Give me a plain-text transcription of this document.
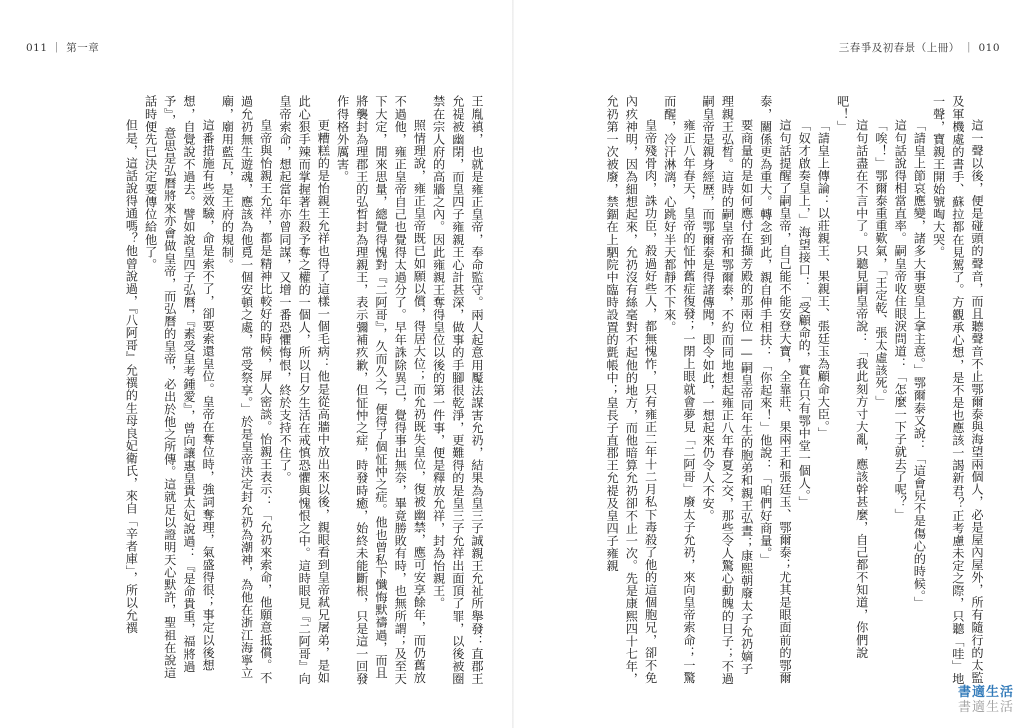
011 ｜ 第一章	三春爭及初春景（上冊） ｜ 010

這一聲以後，便是碰頭的聲音，而且聽聲音不止鄂爾泰與海望兩個人，必是屋內屋外，所有隨行的太監及軍機處的書手、蘇拉都在見駕了。方觀承心想，是不是也應該一謁新君？正考慮未定之際，只聽「哇」地一聲，寶親王開始號啕大哭。

「請皇上節哀應變，諸多大事要皇上拿主意。」鄂爾泰又說：「這會兒不是傷心的時候。」

這句話說得相當直率。嗣皇帝收住眼淚問道：「怎麼一下子就去了呢？」

「唉！」鄂爾泰重重歎氣，「王定乾、張太虛該死。」

這句話盡在不言中了。只聽見嗣皇帝說：「我此刻方寸大亂，應該幹甚麼，自己都不知道，你們說吧！」

「請皇上傳論：以莊親王、果親王、張廷玉為顧命大臣。」

「奴才啟奏皇上，」海望接口：「受顧命的，實在只有鄂中堂一個人。」

這句話提醒了嗣皇帝，自己能不能安登大寶，全靠莊、果兩王和張廷玉、鄂爾泰；尤其是眼面前的鄂爾泰，關係更為重大。轉念到此，親自伸手相扶：「你起來！」他說：「咱們好商量。」

要商量的是如何應付在擷芳殿的那兩位——嗣皇帝同年生的胞弟和親王弘晝；康熙朝廢太子允礽嫡子理親王弘晳。這時的嗣皇帝和鄂爾泰，不約而同地想起雍正八年春夏之交，那些令人驚心動魄的日子；不過嗣皇帝是親身經歷，而鄂爾泰是得諸傳聞，即令如此，一想起來仍令人不安。

雍正八年春天，皇帝的怔忡舊症復發；一閉上眼就會夢見「二阿哥」廢太子允礽，來向皇帝索命；一驚而醒，冷汗淋漓，心跳好半天都靜不下來。

皇帝殘骨肉，誅功臣，殺過好些人，都無愧怍，只有雍正二年十二月私下毒殺了他的這個胞兄，卻不免內疚神明，因為細想起來，允礽沒有絲毫對不起他的地方，而他暗算允礽卻不止一次。先是康熙四十七年，允礽第一次被廢，禁錮在上駟院中臨時設置的氈帳中；皇長子直郡王允禔及皇四子雍親

王胤禛，也就是雍正皇帝，奉命監守。兩人起意用魘法謀害允礽，結果為皇三子誠親王允祉所舉發：直郡王允禔被幽閉，而皇四子雍親王心計甚深，做事的手腳很乾淨，更難得的是皇三子允祥出面頂了罪，以後被圈禁在宗人府的高牆之內。因此雍親王奪得皇位以後的第一件事，便是釋放允祥，封為怡親王。

照情理說，雍正皇帝既已如願以償，得居大位；而允礽既失皇位，復被幽禁，應可安享餘年，而仍舊放不過他，雍正皇帝自己也覺得太過分了。早年誅除異己，覺得事出無奈，畢竟勝敗有時，也無所謂；及至天下大定，閒來思量，總覺得愧對『二阿哥』，久而久之，便得了個怔忡之症。他也曾私下懺悔默禱過，而且將襲封為理郡王的弘晳封為理親王，表示彌補疚歉，但怔忡之症，時發時癒，始終未能斷根，只是這一回發作得格外厲害。

更糟糕的是怡親王允祥也得了這樣一個毛病：他是從高牆中放出來以後，親眼看到皇帝弒兄屠弟，是如此心狠手辣而掌握著生殺予奪之權的一個人，所以日夕生活在戒慎恐懼與愧恨之中。這時眼見『二阿哥』向皇帝索命，想起當年亦曾同謀，又增一番恐懼悔恨，終於支持不住了。

皇帝與怡親王允祥，都是精神比較好的時候，屏人密談。怡親王表示：「允礽來索命，他願意抵償。不過允礽無生遊魂，應該為他覓一個安頓之處，常受祭享。」於是皇帝決定封允礽為潮神，為他在浙江海寧立廟，廟用藍瓦，是王府的規制。

這番措施有些效驗，命是索不了，卻要索還皇位。皇帝在奪位時，強詞奪理，氣盛得很；事定以後想想，自覺說不過去。譬如說皇四子弘曆，『素受皇考鍾愛』，曾向讓惠皇貴太妃說過：『是命貴重，福將過予』，意思是弘曆將來亦會做皇帝，而弘曆的皇帝，必出於他之所傳。這就足以證明天心默許，聖祖在說這話時便先已決定要傳位給他了。

但是，這話說得通嗎？他曾說過，『八阿哥』允禩的生母良妃衛氏，來自「辛者庫」，所以允禩

書適生活
書適生活
